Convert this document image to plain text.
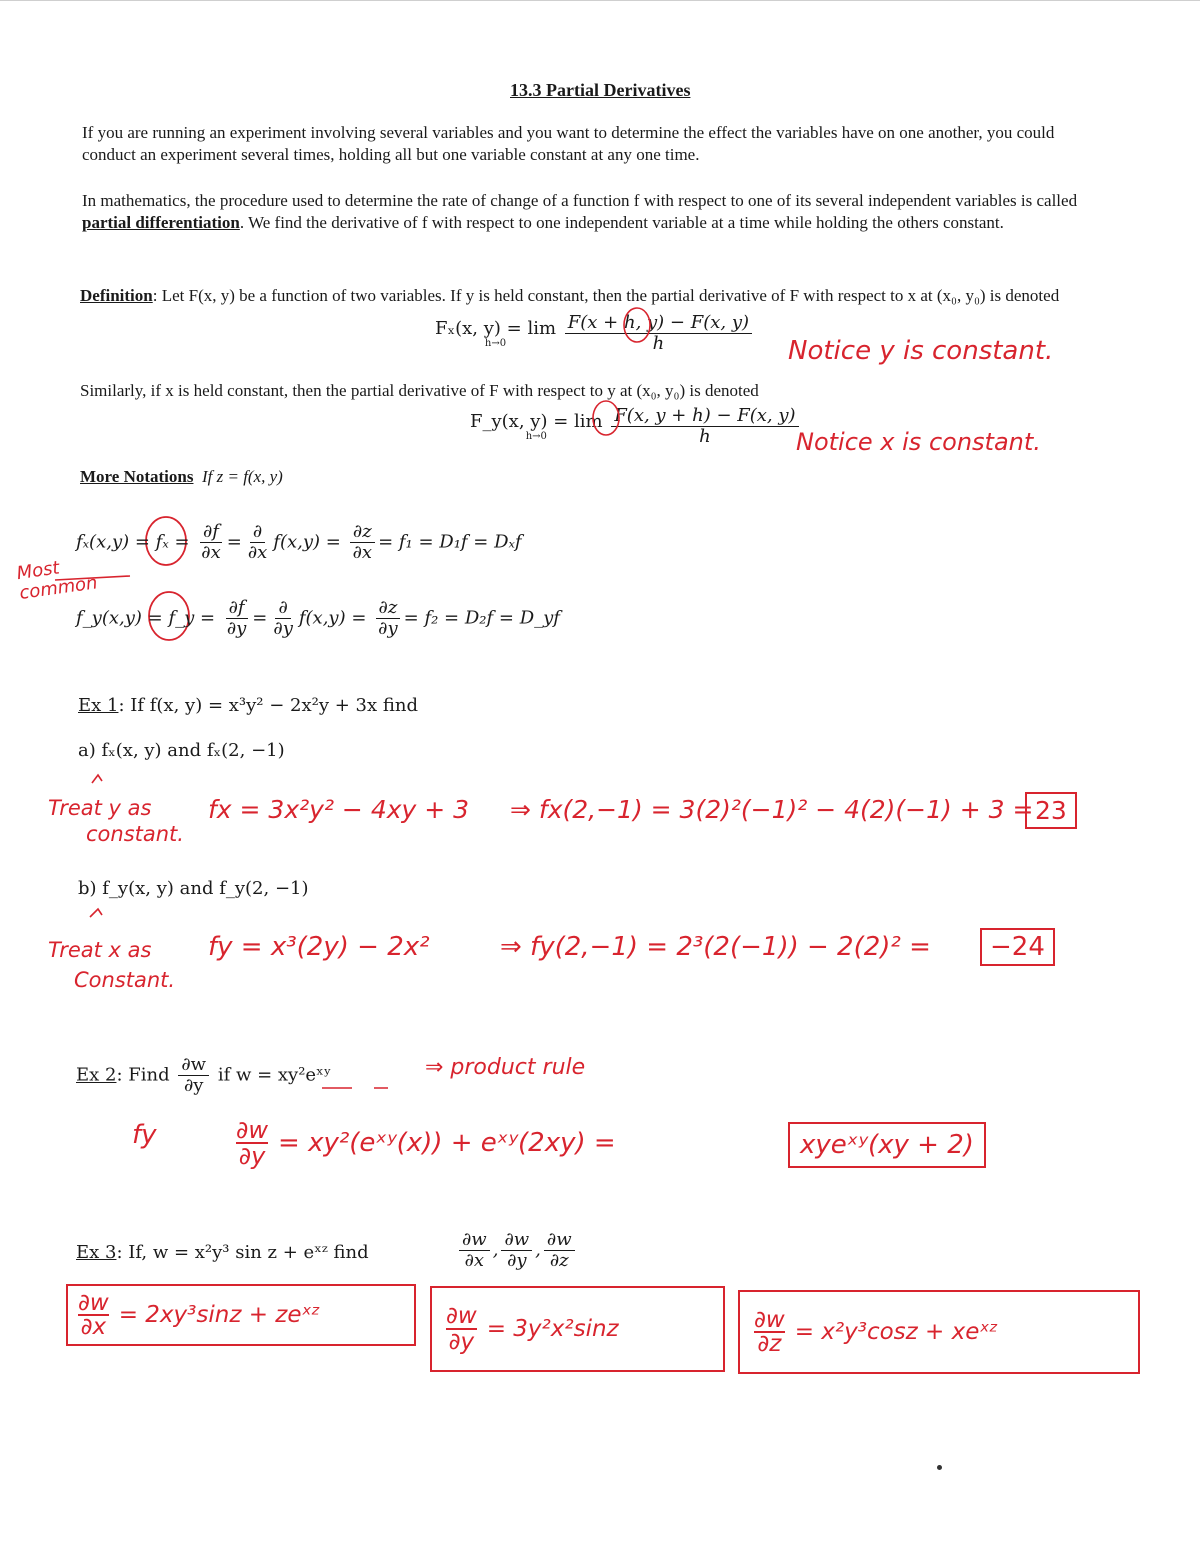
13.3 Partial Derivatives
If you are running an experiment involving several variables and you want to determine the effect the variables have on one another, you could conduct an experiment several times, holding all but one variable constant at any one time.
In mathematics, the procedure used to determine the rate of change of a function f with respect to one of its several independent variables is called partial differentiation. We find the derivative of f with respect to one independent variable at a time while holding the others constant.
Definition: Let F(x, y) be a function of two variables. If y is held constant, then the partial derivative of F with respect to x at (x₀, y₀) is denoted
Fₓ(x, y) = lim
h→0
	$\frac{F(x + h, y) - F(x, y)}{h}$ Notice y is constant.
Similarly, if x is held constant, then the partial derivative of F with respect to y at (x₀, y₀) is denoted
F_y(x, y) = lim
h→0
	$\frac{F(x, y + h) - F(x, y)}{h}$
Notice x is constant.
More Notations If z = f(x, y)
$f_x(x,y) = f_x = \frac{\partial f}{\partial x} = \frac{\partial}{\partial x} f(x,y) = \frac{\partial z}{\partial x} = f_1 = D_1f = D_xf$
f_y(x,y) = f_y = $\frac{\partial f}{\partial y} = \frac{\partial}{\partial y} f(x,y) = \frac{\partial z}{\partial y} = f_2 = D_2f$ = D_yf
Most common
Ex 1: If f(x, y) = x³y² − 2x²y + 3x find
a) fₓ(x, y) and fₓ(2, −1)
Treat y as
constant.
fx = 3x²y² − 4xy + 3 ⇒ fx(2,−1) = 3(2)²(−1)² − 4(2)(−1) + 3 = 23
b) f_y(x, y) and f_y(2, −1)
Treat x as
Constant.
fy = x³(2y) − 2x²	⇒ fy(2,−1) = 2³(2(−1)) − 2(2)² =	−24
Ex 2: Find $\frac{\partial w}{\partial y}$ if w = xy²eˣʸ	⇒ product rule
fy	$\frac{\partial w}{\partial y}$ = xy²(eˣʸ(x)) + eˣʸ(2xy) =	xyeˣʸ(xy + 2)
Ex 3: If, w = x²y³ sin z + eˣᶻ find	$\frac{\partial w}{\partial x}$ , $\frac{\partial w}{\partial y}$ , $\frac{\partial w}{\partial z}$
$\frac{\partial w}{\partial x} = 2xy^3\sin z$ + zeˣᶻ	$\frac{\partial w}{\partial y} = 3y^2x^2\sin z$	$\frac{\partial w}{\partial z} = x^2y^3\cos z$ + xeˣᶻ
